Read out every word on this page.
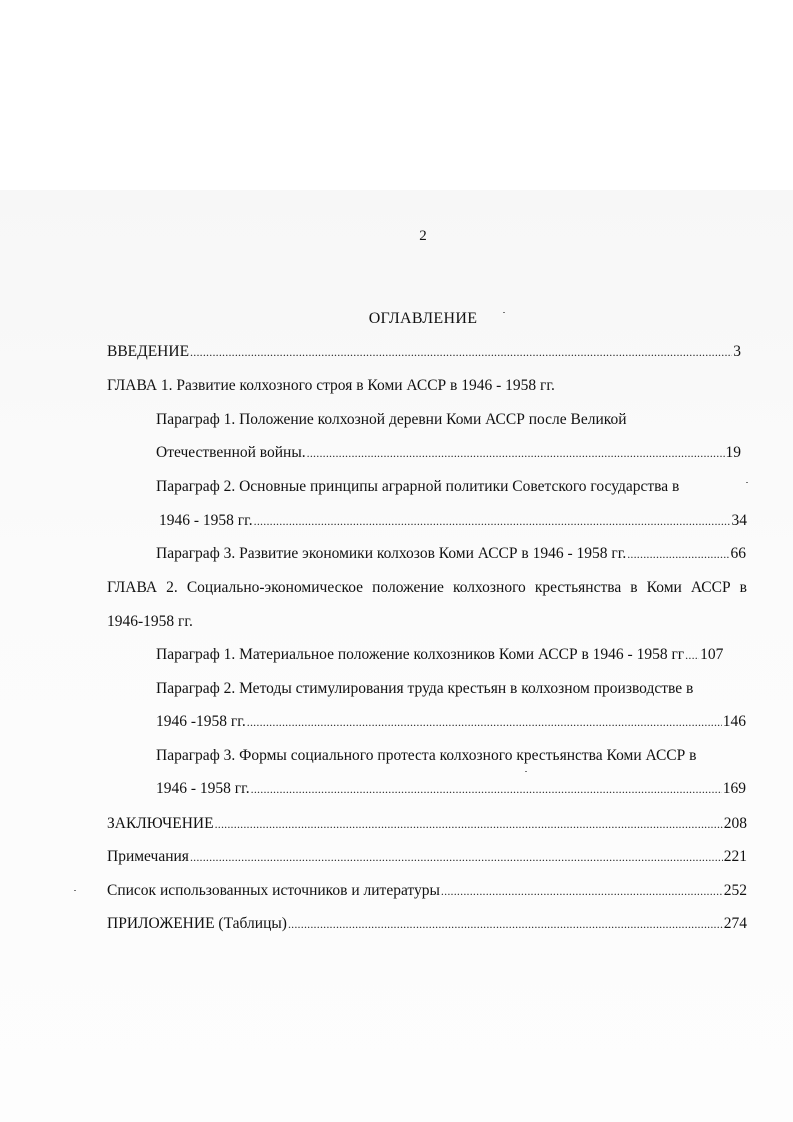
2
ОГЛАВЛЕНИЕ
ВВЕДЕНИЕ .....	3
ГЛАВА 1. Развитие колхозного строя в Коми АССР в 1946 - 1958 гг.
Параграф 1. Положение колхозной деревни Коми АССР после Великой
Отечественной войны. .....	19
Параграф 2. Основные принципы аграрной политики Советского государства в
1946 - 1958 гг. .....	34
Параграф 3. Развитие экономики колхозов Коми АССР в 1946 - 1958 гг. .....	66
ГЛАВА 2. Социально-экономическое положение колхозного крестьянства в Коми АССР в
1946-1958 гг.
Параграф 1. Материальное положение колхозников Коми АССР в 1946 - 1958 гг ..... 107
Параграф 2. Методы стимулирования труда крестьян в колхозном производстве в
1946 -1958 гг. .....	146
Параграф 3. Формы социального протеста колхозного крестьянства Коми АССР в
1946 - 1958 гг. .....	169
ЗАКЛЮЧЕНИЕ .....	208
Примечания .....	221
Список использованных источников и литературы .....	252
ПРИЛОЖЕНИЕ (Таблицы) .....	274
